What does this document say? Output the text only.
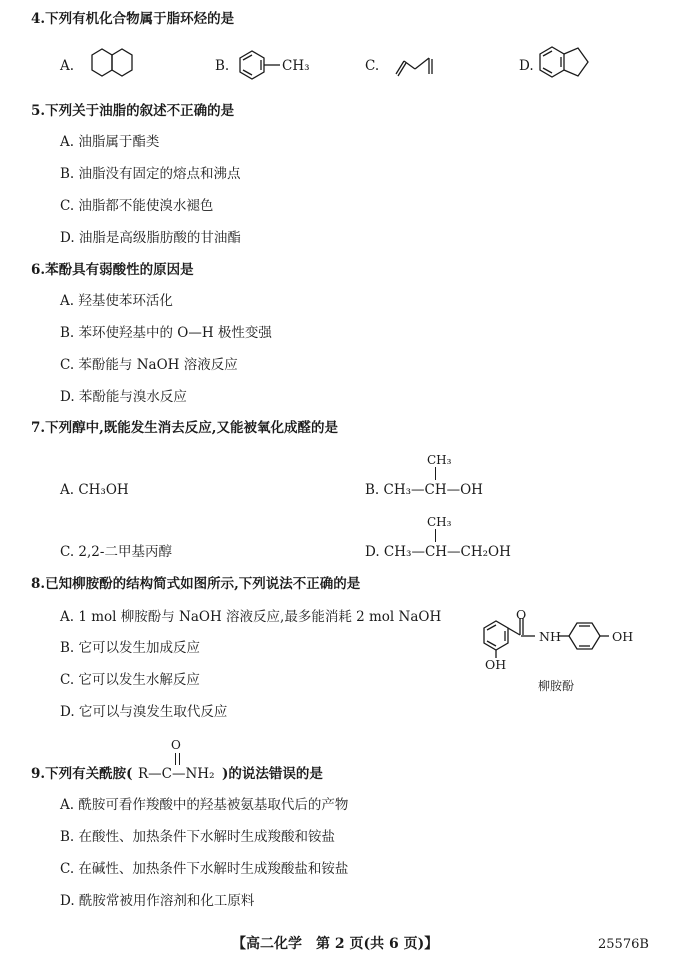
4.下列有机化合物属于脂环烃的是
A.	B.	CH₃	C.	D.
5.下列关于油脂的叙述不正确的是
A. 油脂属于酯类
B. 油脂没有固定的熔点和沸点
C. 油脂都不能使溴水褪色
D. 油脂是高级脂肪酸的甘油酯
6.苯酚具有弱酸性的原因是
A. 羟基使苯环活化
B. 苯环使羟基中的 O—H 极性变强
C. 苯酚能与 NaOH 溶液反应
D. 苯酚能与溴水反应
7.下列醇中,既能发生消去反应,又能被氧化成醛的是
A. CH₃OH
CH₃
B. CH₃—CH—OH
C. 2,2-二甲基丙醇
CH₃
D. CH₃—CH—CH₂OH
8.已知柳胺酚的结构简式如图所示,下列说法不正确的是
A. 1 mol 柳胺酚与 NaOH 溶液反应,最多能消耗 2 mol NaOH
B. 它可以发生加成反应
C. 它可以发生水解反应
D. 它可以与溴发生取代反应
O
NH	OH
OH
柳胺酚
9.下列有关酰胺(
O
R—C—NH₂ )的说法错误的是
A. 酰胺可看作羧酸中的羟基被氨基取代后的产物
B. 在酸性、加热条件下水解时生成羧酸和铵盐
C. 在碱性、加热条件下水解时生成羧酸盐和铵盐
D. 酰胺常被用作溶剂和化工原料
【高二化学　第 2 页(共 6 页)】	25576B
